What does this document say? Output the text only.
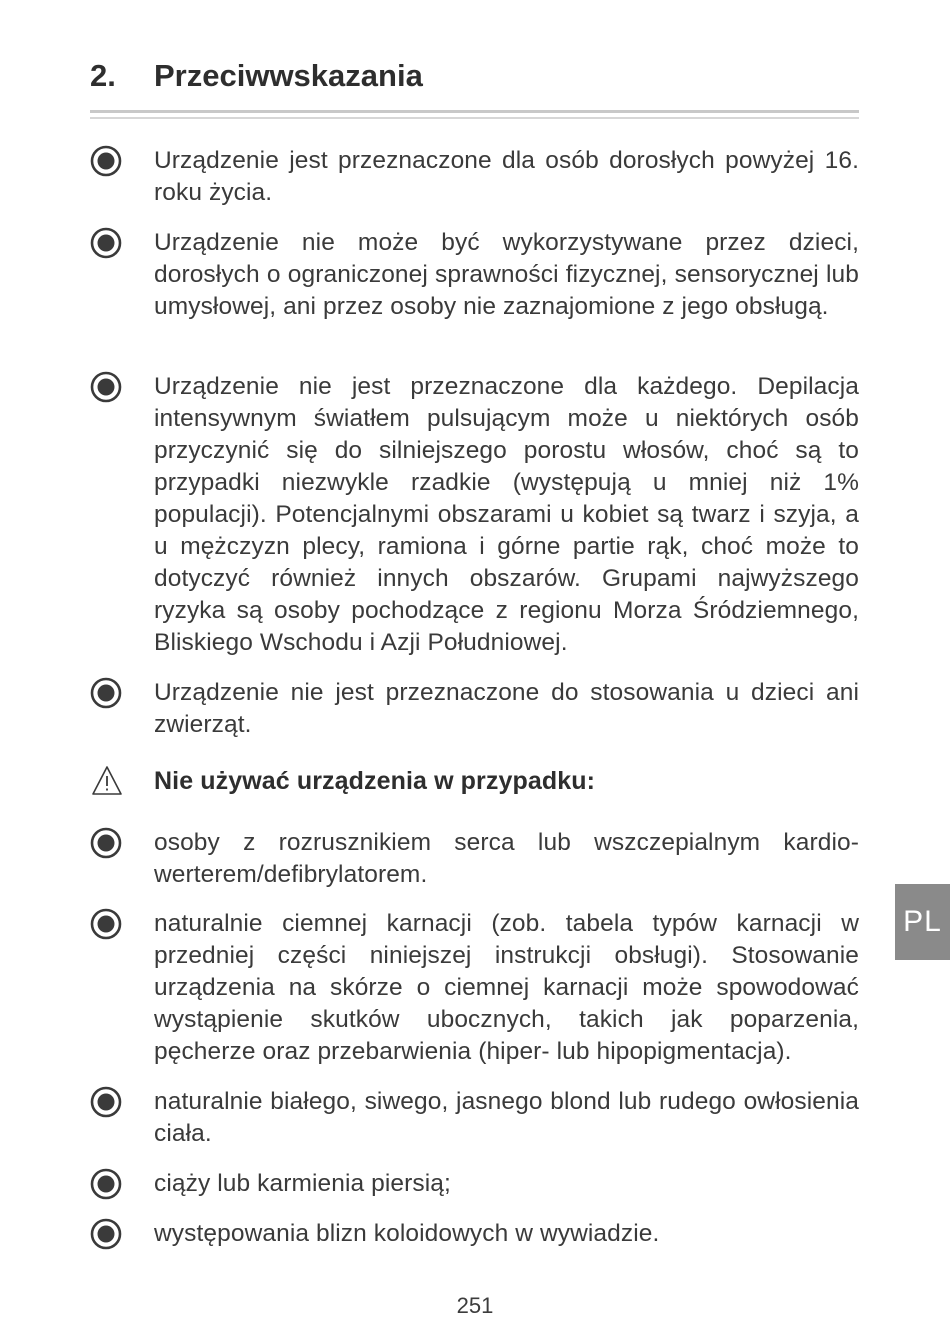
2. Przeciwwskazania

Urządzenie jest przeznaczone dla osób dorosłych powyżej 16. roku życia.

Urządzenie nie może być wykorzystywane przez dzieci, dorosłych o ograniczonej sprawności fizycznej, sensorycznej lub umysłowej, ani przez osoby nie zaznajomione z jego obsługą.

Urządzenie nie jest przeznaczone dla każdego. Depilacja intensywnym światłem pulsującym może u niektórych osób przyczynić się do silniejszego porostu włosów, choć są to przypadki niezwykle rzadkie (występują u mniej niż 1% populacji). Potencjalnymi obszarami u kobiet są twarz i szyja, a u mężczyzn plecy, ramiona i górne partie rąk, choć może to dotyczyć również innych obszarów. Grupami najwyższego ryzyka są osoby pochodzące z regionu Morza Śródziemnego, Bliskiego Wschodu i Azji Południowej.

Urządzenie nie jest przeznaczone do stosowania u dzieci ani zwierząt.

Nie używać urządzenia w przypadku:

osoby z rozrusznikiem serca lub wszczepialnym kardio-werterem/defibrylatorem.

naturalnie ciemnej karnacji (zob. tabela typów karnacji w przedniej części niniejszej instrukcji obsługi). Stosowanie urządzenia na skórze o ciemnej karnacji może spowodować wystąpienie skutków ubocznych, takich jak poparzenia, pęcherze oraz przebarwienia (hiper- lub hipopigmentacja).

naturalnie białego, siwego, jasnego blond lub rudego owłosienia ciała.

ciąży lub karmienia piersią;

występowania blizn koloidowych w wywiadzie.

PL
251
